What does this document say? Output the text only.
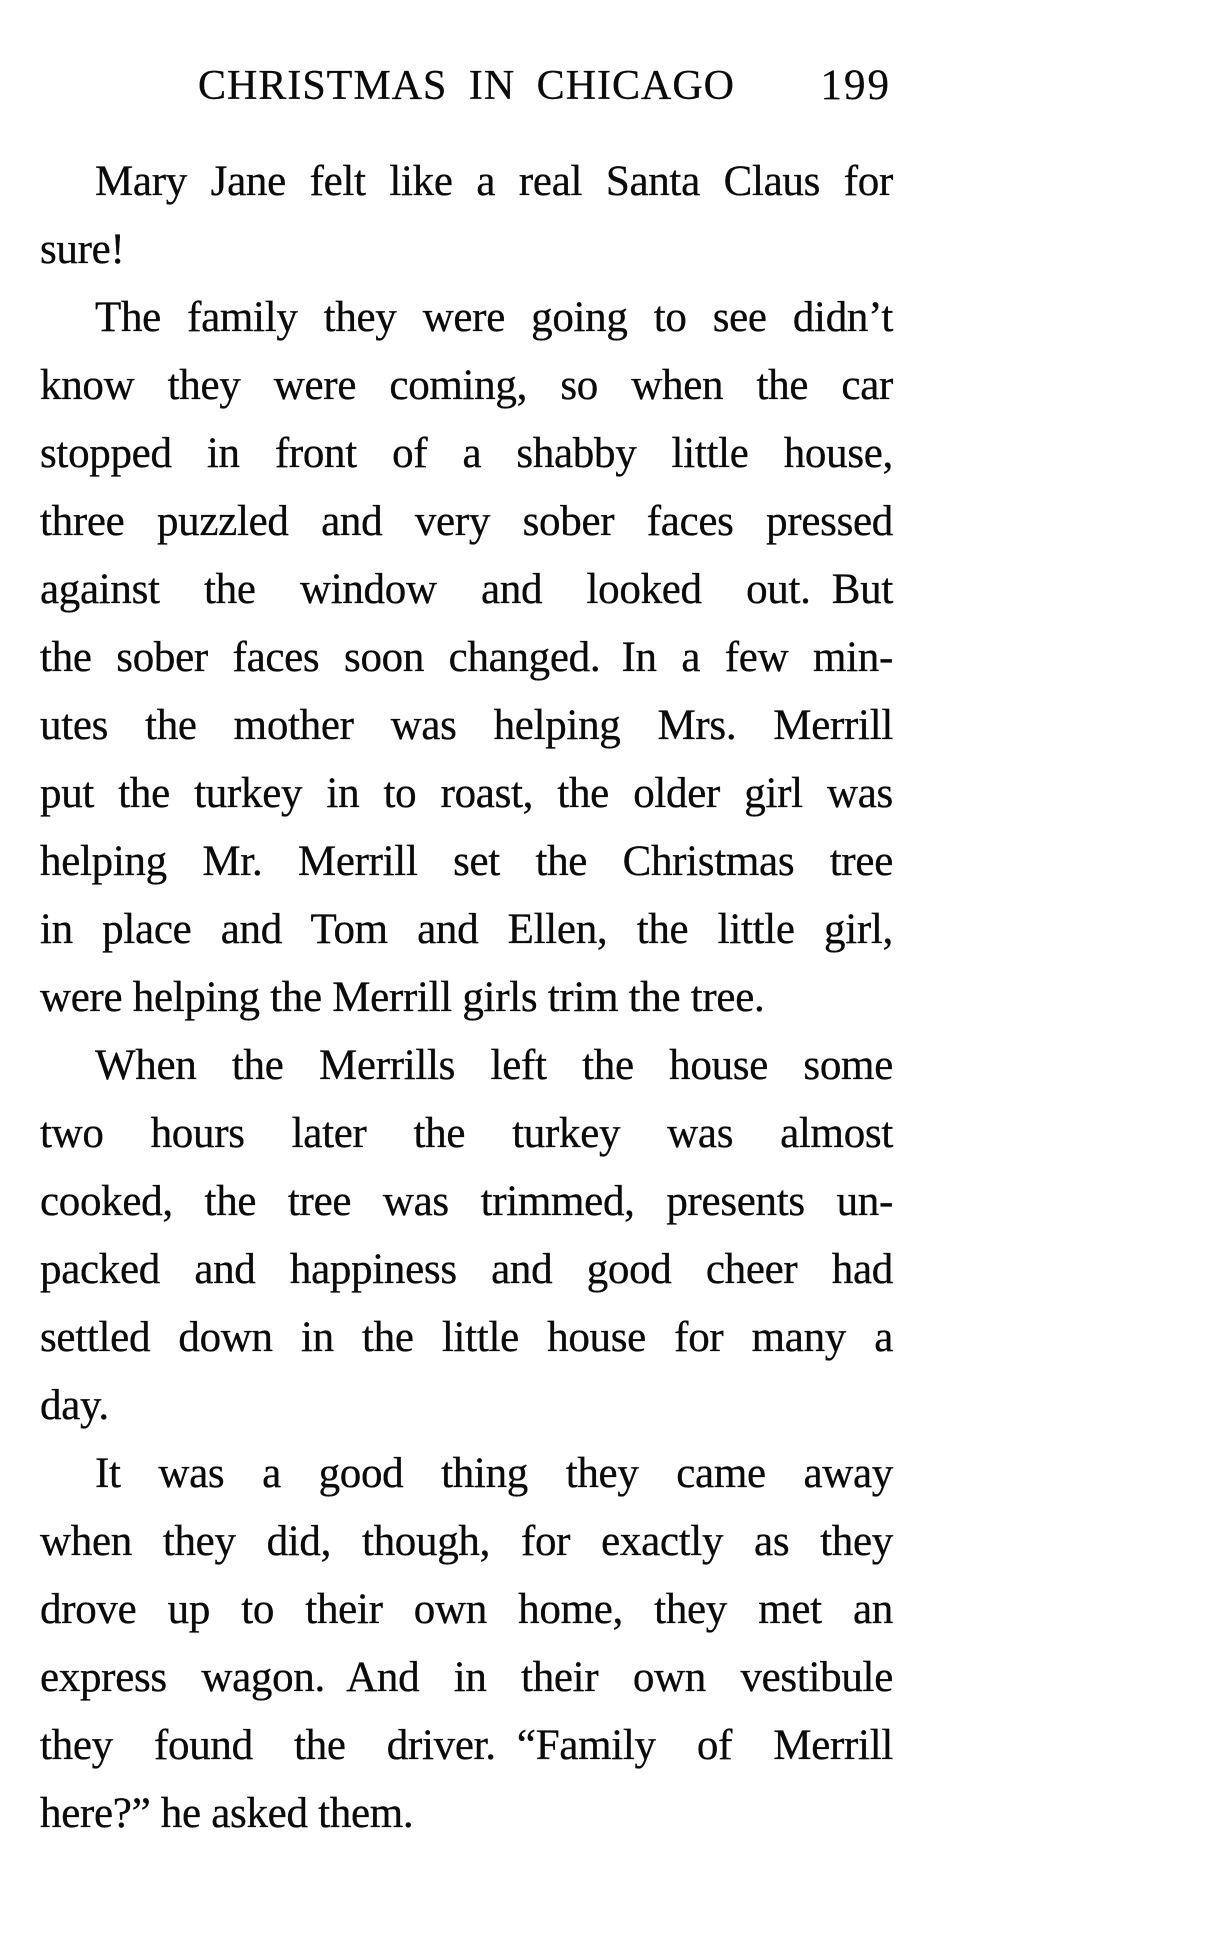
CHRISTMAS IN CHICAGO	199
Mary Jane felt like a real Santa Claus for
sure!
The family they were going to see didn’t
know they were coming, so when the car
stopped in front of a shabby little house,
three puzzled and very sober faces pressed
against the window and looked out. But
the sober faces soon changed. In a few min-
utes the mother was helping Mrs. Merrill
put the turkey in to roast, the older girl was
helping Mr. Merrill set the Christmas tree
in place and Tom and Ellen, the little girl,
were helping the Merrill girls trim the tree.
When the Merrills left the house some
two hours later the turkey was almost
cooked, the tree was trimmed, presents un-
packed and happiness and good cheer had
settled down in the little house for many a
day.
It was a good thing they came away
when they did, though, for exactly as they
drove up to their own home, they met an
express wagon. And in their own vestibule
they found the driver. “Family of Merrill
here?” he asked them.
